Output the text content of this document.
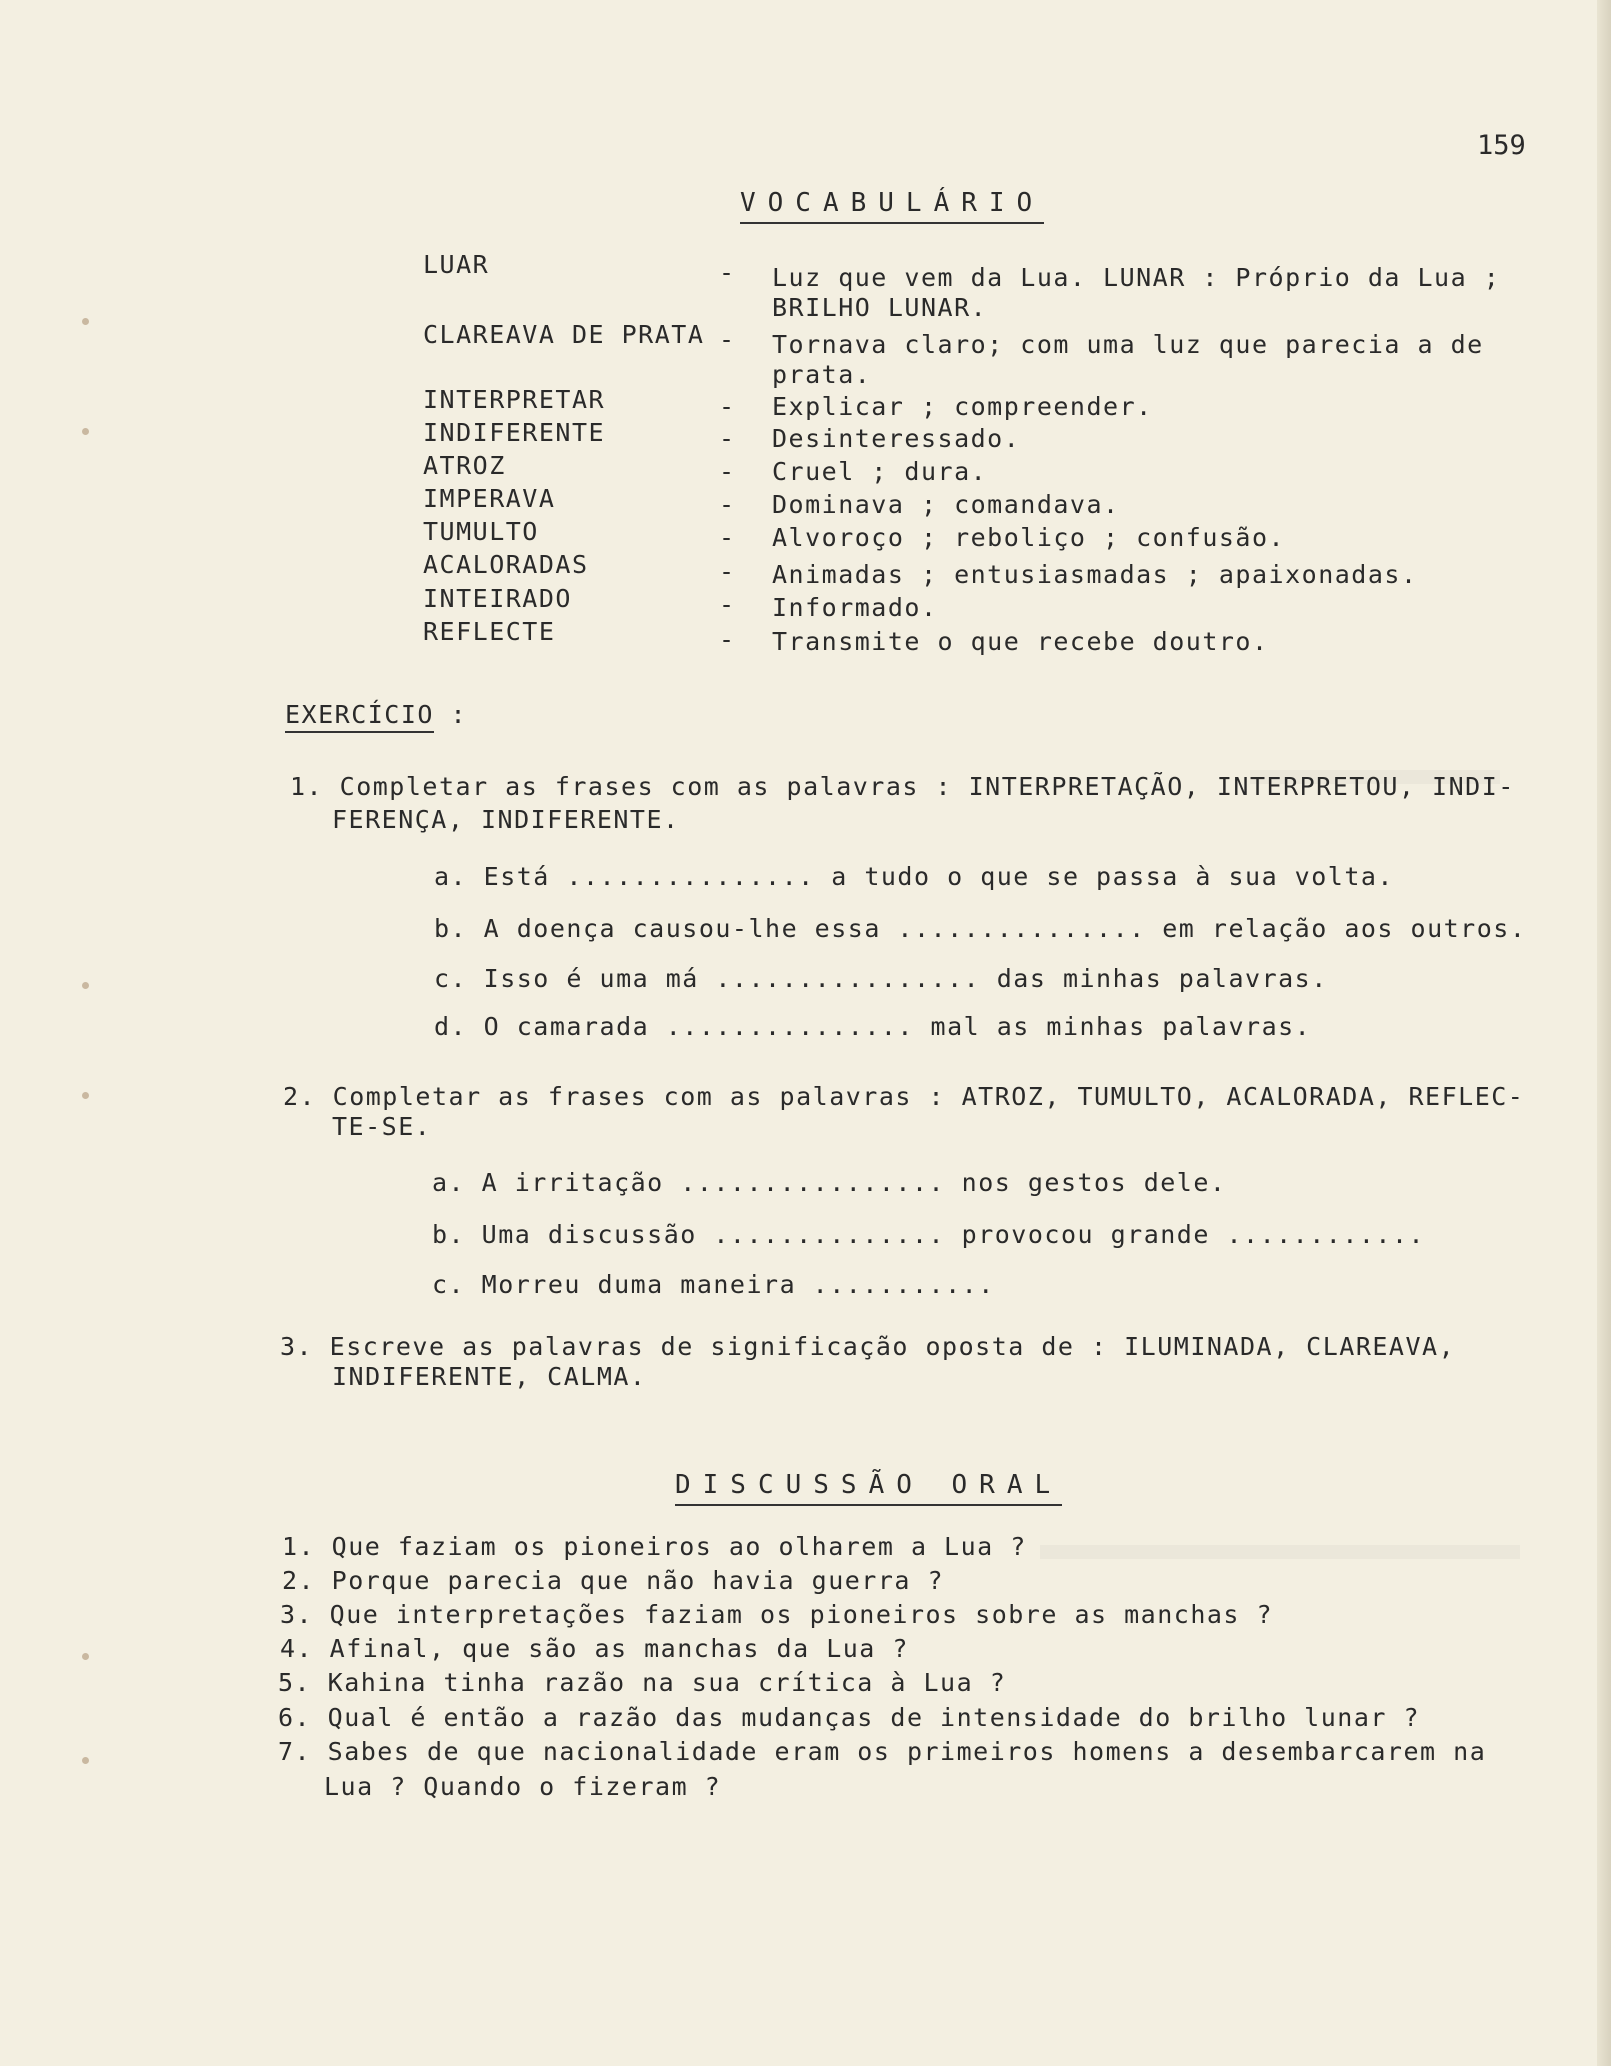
159
VOCABULÁRIO
LUAR	- Luz que vem da Lua. LUNAR : Próprio da Lua ;
BRILHO LUNAR.
CLAREAVA DE PRATA - Tornava claro; com uma luz que parecia a de
prata.
INTERPRETAR	- Explicar ; compreender.
INDIFERENTE	- Desinteressado.
ATROZ	- Cruel ; dura.
IMPERAVA	- Dominava ; comandava.
TUMULTO	- Alvoroço ; reboliço ; confusão.
ACALORADAS	- Animadas ; entusiasmadas ; apaixonadas.
INTEIRADO	- Informado.
REFLECTE	- Transmite o que recebe doutro.
EXERCÍCIO :
1. Completar as frases com as palavras : INTERPRETAÇÃO, INTERPRETOU, INDI-
FERENÇA, INDIFERENTE.
a. Está ............... a tudo o que se passa à sua volta.
b. A doença causou-lhe essa ............... em relação aos outros.
c. Isso é uma má ................ das minhas palavras.
d. O camarada ............... mal as minhas palavras.
2. Completar as frases com as palavras : ATROZ, TUMULTO, ACALORADA, REFLEC-
TE-SE.
a. A irritação ................ nos gestos dele.
b. Uma discussão .............. provocou grande ............
c. Morreu duma maneira ...........
3. Escreve as palavras de significação oposta de : ILUMINADA, CLAREAVA,
INDIFERENTE, CALMA.
DISCUSSÃO ORAL
1. Que faziam os pioneiros ao olharem a Lua ?
2. Porque parecia que não havia guerra ?
3. Que interpretações faziam os pioneiros sobre as manchas ?
4. Afinal, que são as manchas da Lua ?
5. Kahina tinha razão na sua crítica à Lua ?
6. Qual é então a razão das mudanças de intensidade do brilho lunar ?
7. Sabes de que nacionalidade eram os primeiros homens a desembarcarem na
Lua ? Quando o fizeram ?
